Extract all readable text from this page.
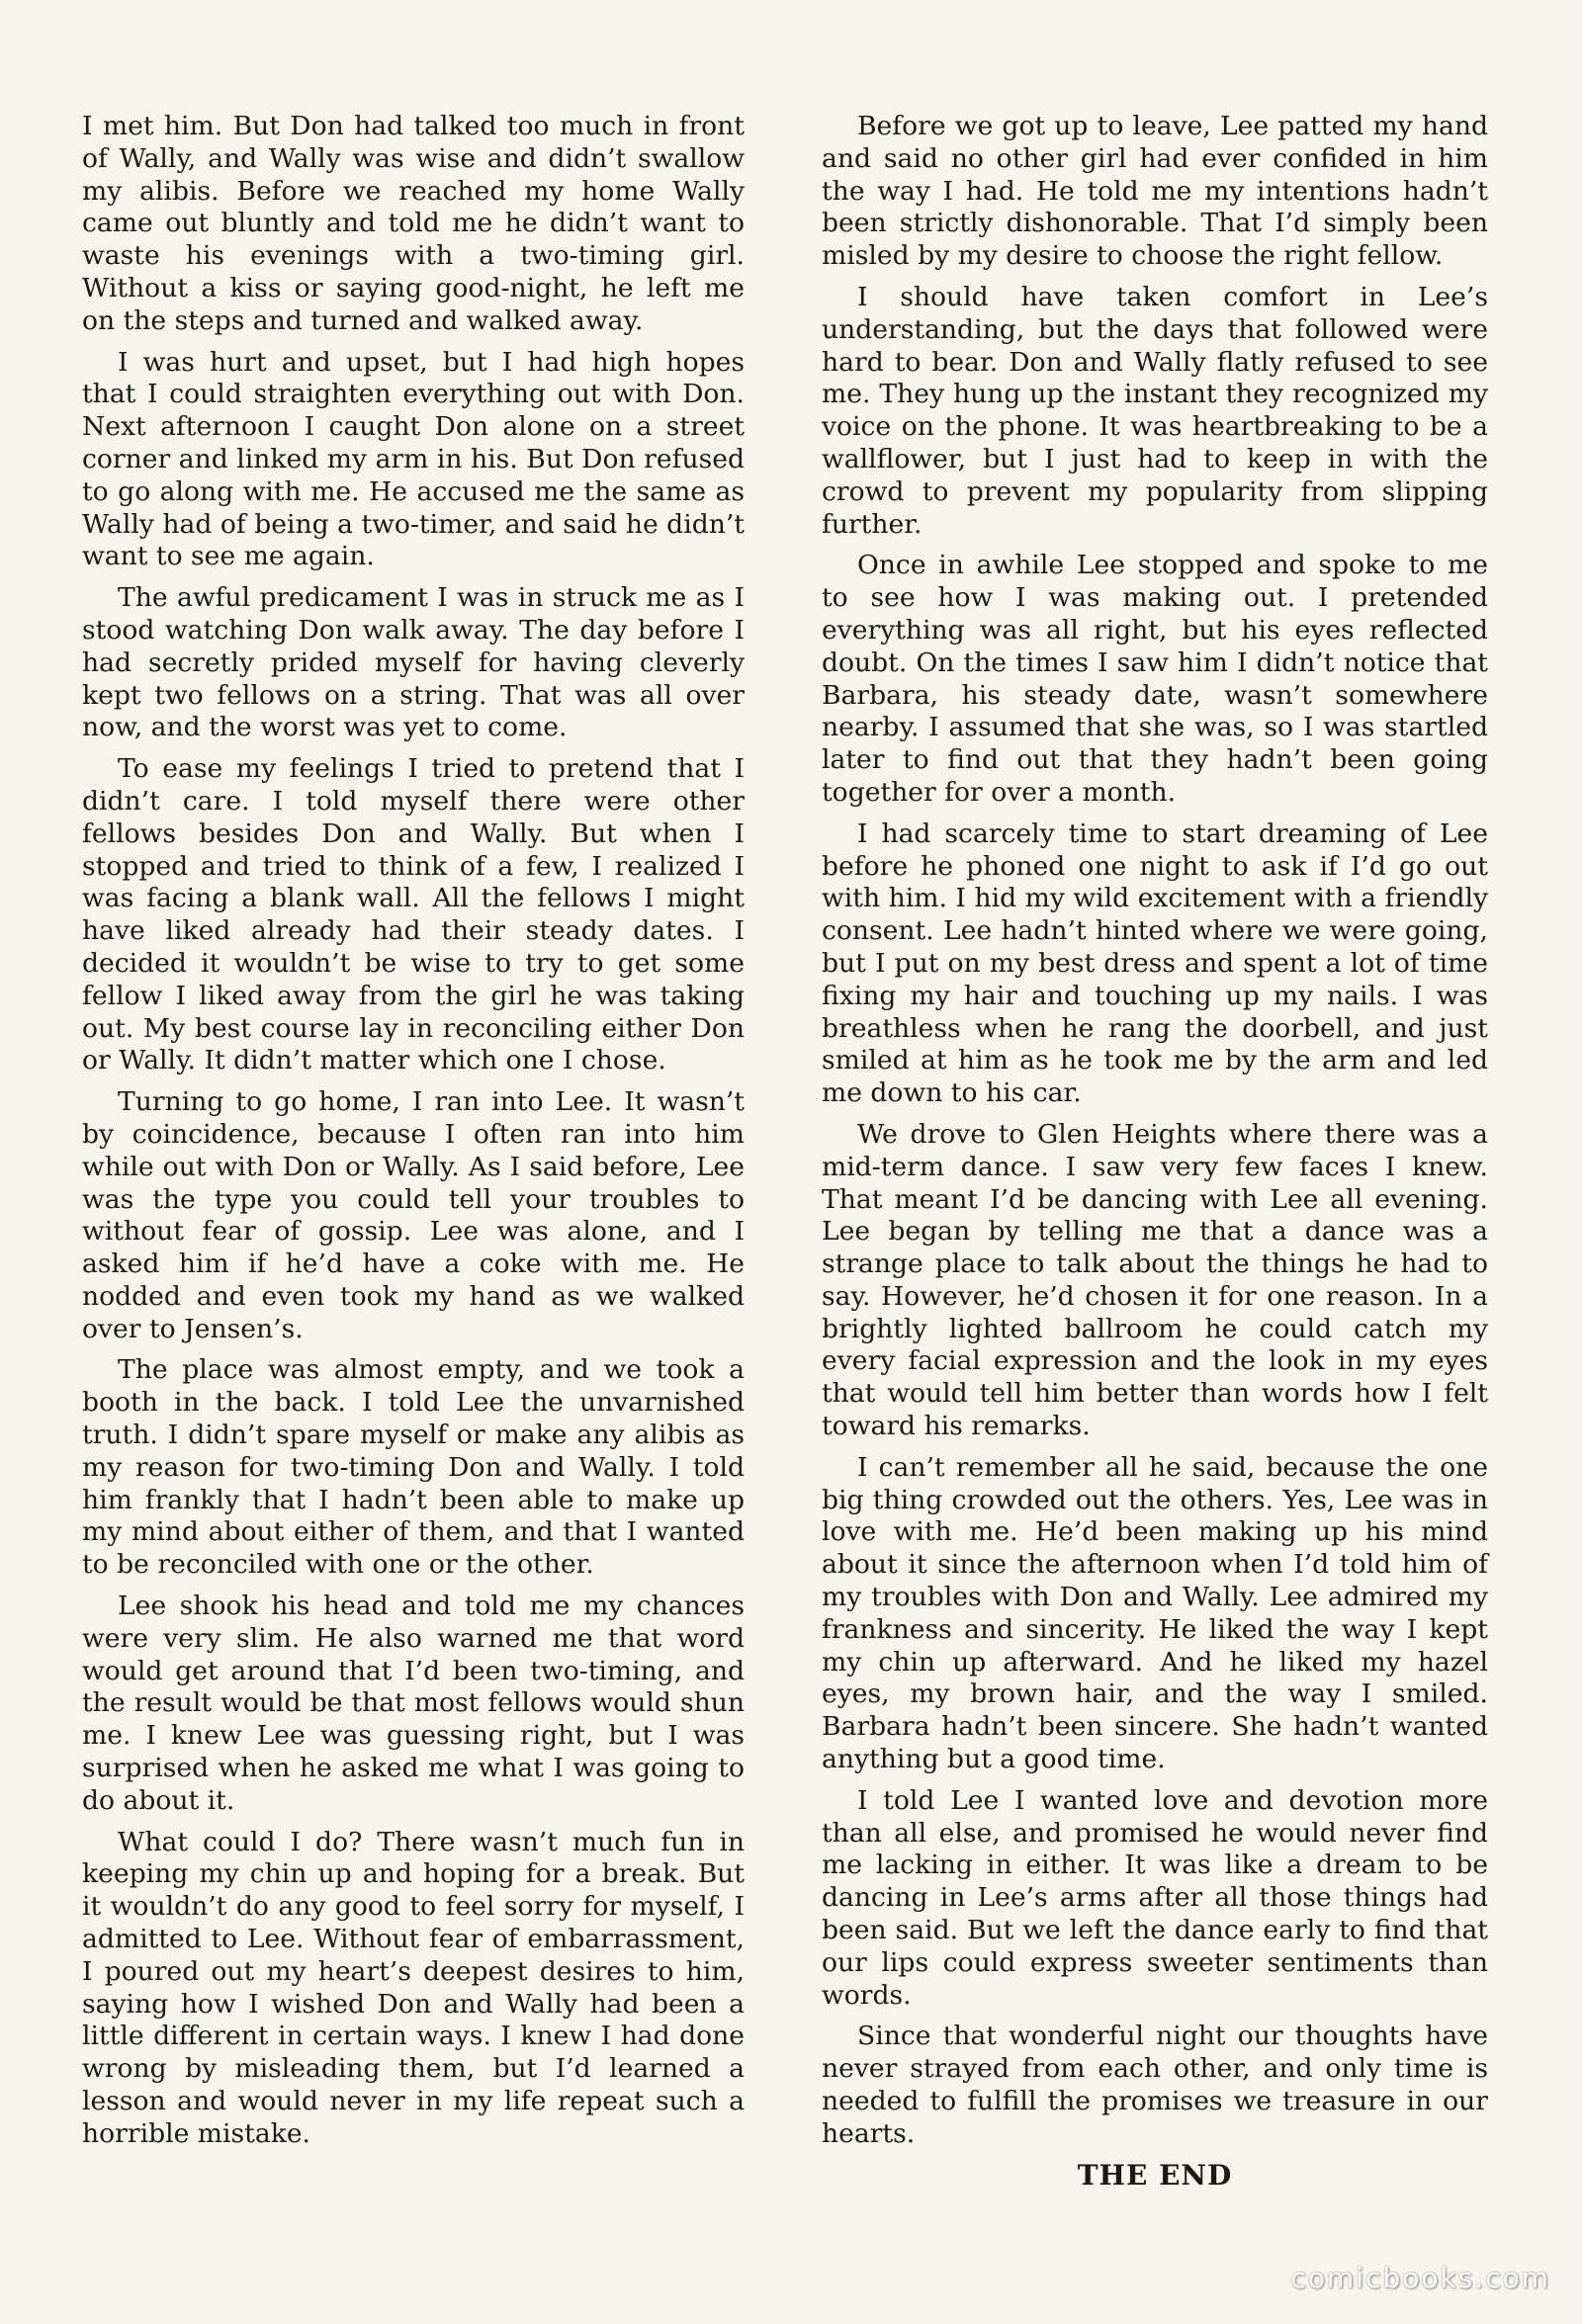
I met him. But Don had talked too much in front of Wally, and Wally was wise and didn’t swallow my alibis. Before we reached my home Wally came out bluntly and told me he didn’t want to waste his evenings with a two-timing girl. Without a kiss or saying good-night, he left me on the steps and turned and walked away.

I was hurt and upset, but I had high hopes that I could straighten everything out with Don. Next afternoon I caught Don alone on a street corner and linked my arm in his. But Don refused to go along with me. He accused me the same as Wally had of being a two-timer, and said he didn’t want to see me again.

The awful predicament I was in struck me as I stood watching Don walk away. The day before I had secretly prided myself for having cleverly kept two fellows on a string. That was all over now, and the worst was yet to come.

To ease my feelings I tried to pretend that I didn’t care. I told myself there were other fellows besides Don and Wally. But when I stopped and tried to think of a few, I realized I was facing a blank wall. All the fellows I might have liked already had their steady dates. I decided it wouldn’t be wise to try to get some fellow I liked away from the girl he was taking out. My best course lay in reconciling either Don or Wally. It didn’t matter which one I chose.

Turning to go home, I ran into Lee. It wasn’t by coincidence, because I often ran into him while out with Don or Wally. As I said before, Lee was the type you could tell your troubles to without fear of gossip. Lee was alone, and I asked him if he’d have a coke with me. He nodded and even took my hand as we walked over to Jensen’s.

The place was almost empty, and we took a booth in the back. I told Lee the unvarnished truth. I didn’t spare myself or make any alibis as my reason for two-timing Don and Wally. I told him frankly that I hadn’t been able to make up my mind about either of them, and that I wanted to be reconciled with one or the other.

Lee shook his head and told me my chances were very slim. He also warned me that word would get around that I’d been two-timing, and the result would be that most fellows would shun me. I knew Lee was guessing right, but I was surprised when he asked me what I was going to do about it.

What could I do? There wasn’t much fun in keeping my chin up and hoping for a break. But it wouldn’t do any good to feel sorry for myself, I admitted to Lee. Without fear of embarrassment, I poured out my heart’s deepest desires to him, saying how I wished Don and Wally had been a little different in certain ways. I knew I had done wrong by misleading them, but I’d learned a lesson and would never in my life repeat such a horrible mistake.

Before we got up to leave, Lee patted my hand and said no other girl had ever confided in him the way I had. He told me my intentions hadn’t been strictly dishonorable. That I’d simply been misled by my desire to choose the right fellow.

I should have taken comfort in Lee’s understanding, but the days that followed were hard to bear. Don and Wally flatly refused to see me. They hung up the instant they recognized my voice on the phone. It was heartbreaking to be a wallflower, but I just had to keep in with the crowd to prevent my popularity from slipping further.

Once in awhile Lee stopped and spoke to me to see how I was making out. I pretended everything was all right, but his eyes reflected doubt. On the times I saw him I didn’t notice that Barbara, his steady date, wasn’t somewhere nearby. I assumed that she was, so I was startled later to find out that they hadn’t been going together for over a month.

I had scarcely time to start dreaming of Lee before he phoned one night to ask if I’d go out with him. I hid my wild excitement with a friendly consent. Lee hadn’t hinted where we were going, but I put on my best dress and spent a lot of time fixing my hair and touching up my nails. I was breathless when he rang the doorbell, and just smiled at him as he took me by the arm and led me down to his car.

We drove to Glen Heights where there was a mid-term dance. I saw very few faces I knew. That meant I’d be dancing with Lee all evening. Lee began by telling me that a dance was a strange place to talk about the things he had to say. However, he’d chosen it for one reason. In a brightly lighted ballroom he could catch my every facial expression and the look in my eyes that would tell him better than words how I felt toward his remarks.

I can’t remember all he said, because the one big thing crowded out the others. Yes, Lee was in love with me. He’d been making up his mind about it since the afternoon when I’d told him of my troubles with Don and Wally. Lee admired my frankness and sincerity. He liked the way I kept my chin up afterward. And he liked my hazel eyes, my brown hair, and the way I smiled. Barbara hadn’t been sincere. She hadn’t wanted anything but a good time.

I told Lee I wanted love and devotion more than all else, and promised he would never find me lacking in either. It was like a dream to be dancing in Lee’s arms after all those things had been said. But we left the dance early to find that our lips could express sweeter sentiments than words.

Since that wonderful night our thoughts have never strayed from each other, and only time is needed to fulfill the promises we treasure in our hearts.

THE END

comicbooks.com
